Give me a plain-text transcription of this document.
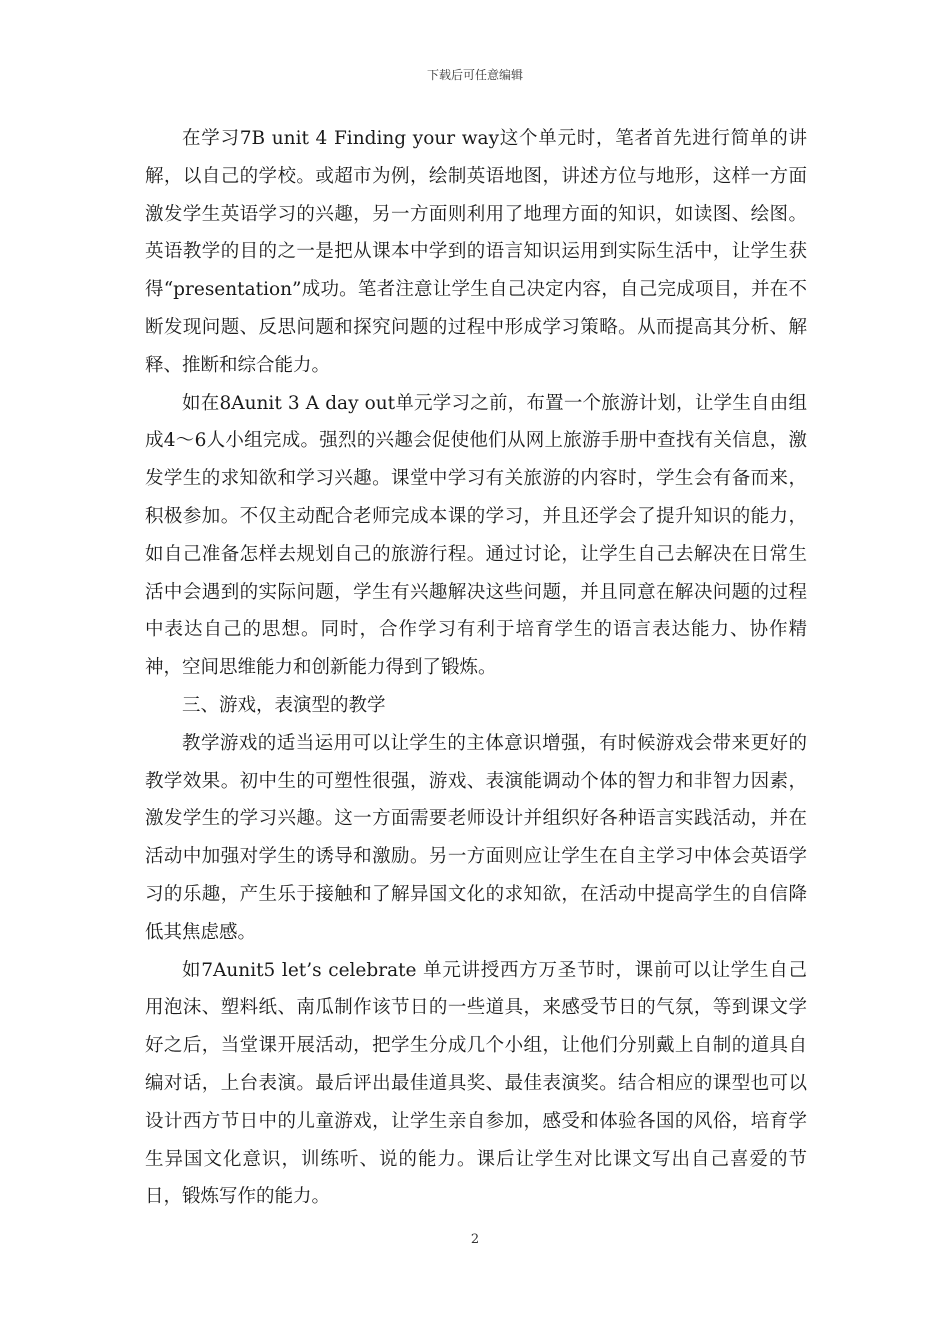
下载后可任意编辑

在学习7B unit 4 Finding your way这个单元时，笔者首先进行简单的讲解，以自己的学校。或超市为例，绘制英语地图，讲述方位与地形，这样一方面激发学生英语学习的兴趣，另一方面则利用了地理方面的知识，如读图、绘图。英语教学的目的之一是把从课本中学到的语言知识运用到实际生活中，让学生获得“presentation”成功。笔者注意让学生自己决定内容，自己完成项目，并在不断发现问题、反思问题和探究问题的过程中形成学习策略。从而提高其分析、解释、推断和综合能力。

如在8Aunit 3 A day out单元学习之前，布置一个旅游计划，让学生自由组成4～6人小组完成。强烈的兴趣会促使他们从网上旅游手册中查找有关信息，激发学生的求知欲和学习兴趣。课堂中学习有关旅游的内容时，学生会有备而来，积极参加。不仅主动配合老师完成本课的学习，并且还学会了提升知识的能力，如自己准备怎样去规划自己的旅游行程。通过讨论，让学生自己去解决在日常生活中会遇到的实际问题，学生有兴趣解决这些问题，并且同意在解决问题的过程中表达自己的思想。同时，合作学习有利于培育学生的语言表达能力、协作精神，空间思维能力和创新能力得到了锻炼。

三、游戏，表演型的教学

教学游戏的适当运用可以让学生的主体意识增强，有时候游戏会带来更好的教学效果。初中生的可塑性很强，游戏、表演能调动个体的智力和非智力因素，激发学生的学习兴趣。这一方面需要老师设计并组织好各种语言实践活动，并在活动中加强对学生的诱导和激励。另一方面则应让学生在自主学习中体会英语学习的乐趣，产生乐于接触和了解异国文化的求知欲，在活动中提高学生的自信降低其焦虑感。

如7Aunit5 let’s celebrate 单元讲授西方万圣节时，课前可以让学生自己用泡沫、塑料纸、南瓜制作该节日的一些道具，来感受节日的气氛，等到课文学好之后，当堂课开展活动，把学生分成几个小组，让他们分别戴上自制的道具自编对话，上台表演。最后评出最佳道具奖、最佳表演奖。结合相应的课型也可以设计西方节日中的儿童游戏，让学生亲自参加，感受和体验各国的风俗，培育学生异国文化意识，训练听、说的能力。课后让学生对比课文写出自己喜爱的节日，锻炼写作的能力。

2
